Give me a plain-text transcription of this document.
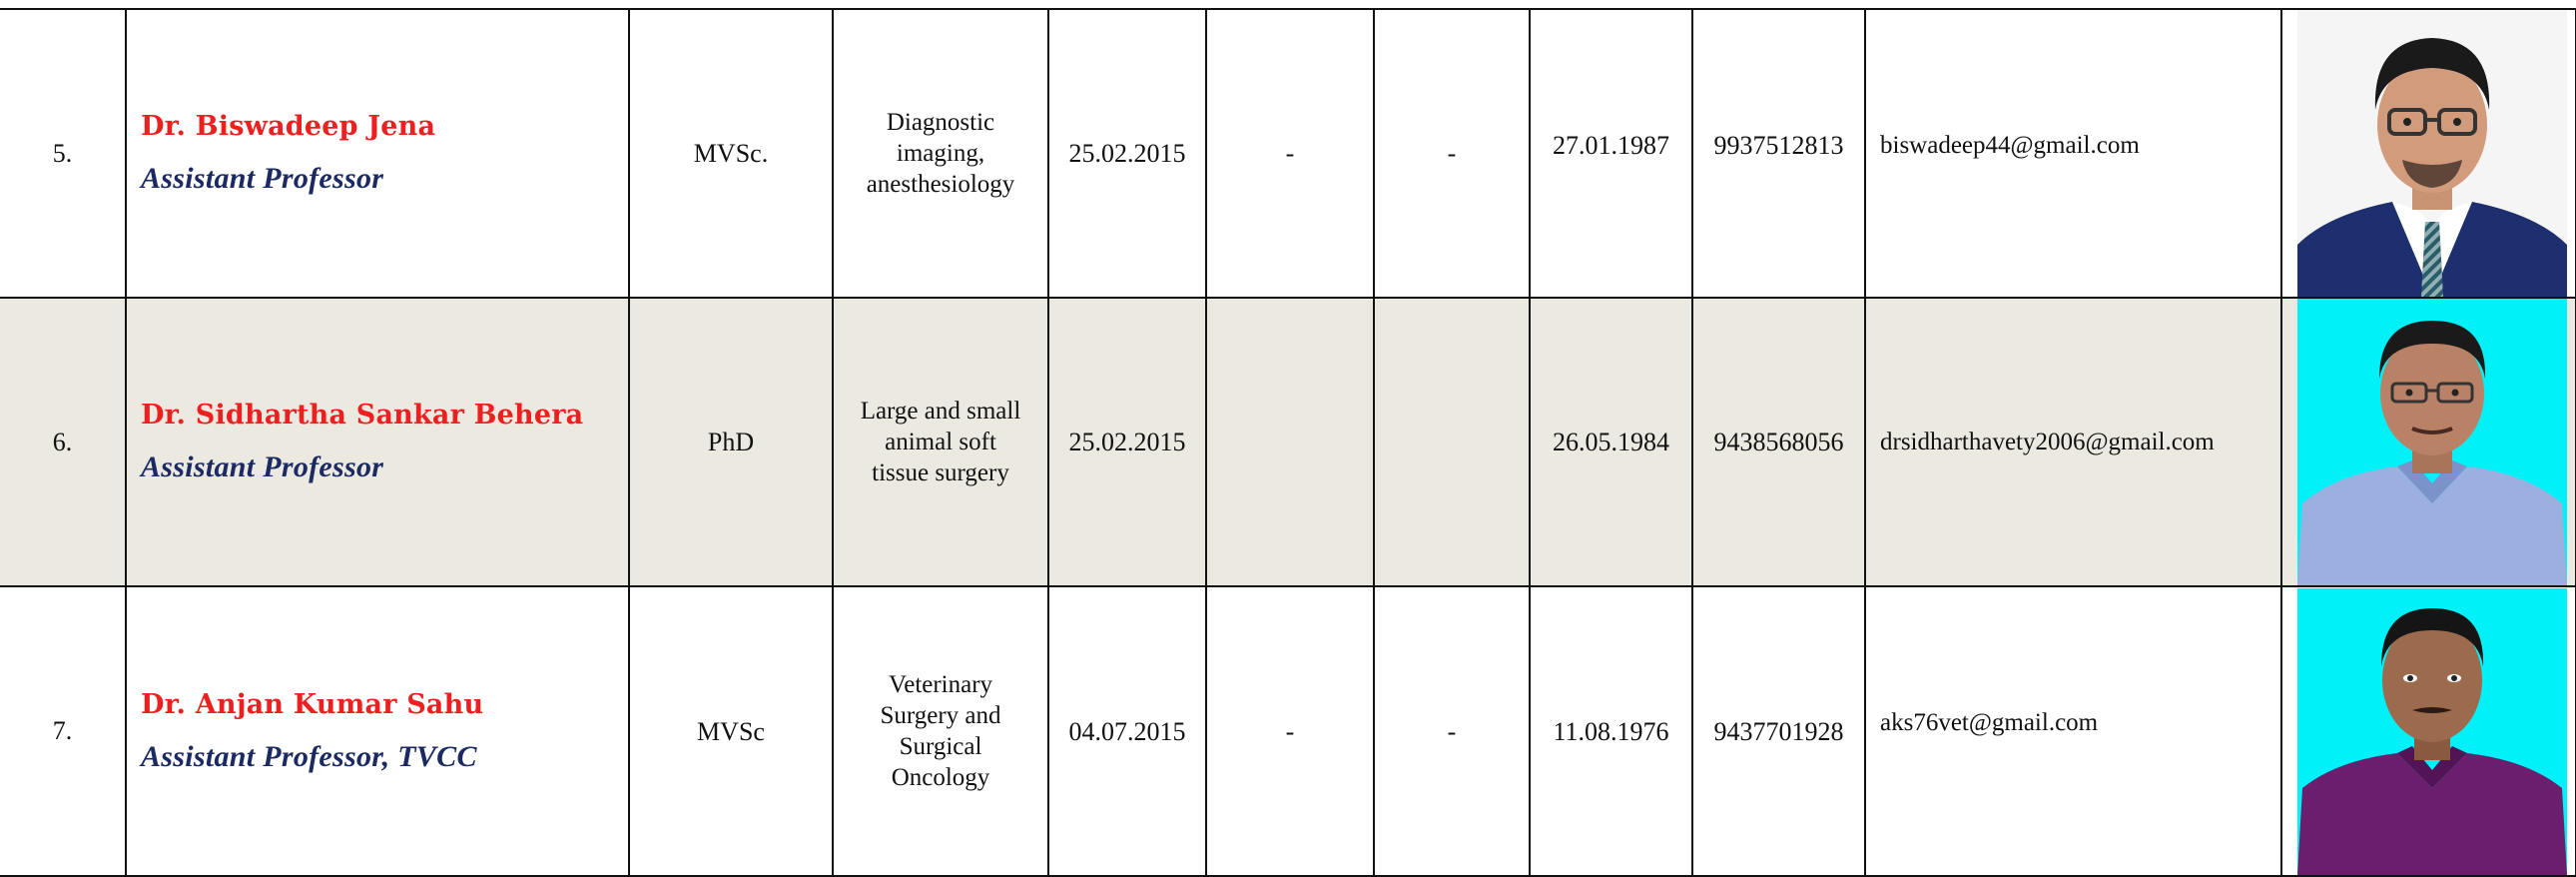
5.	Dr. Biswadeep Jena
Assistant Professor	MVSc.	Diagnostic
imaging,
anesthesiology	25.02.2015	-	-	27.01.1987	9937512813	biswadeep44@gmail.com	

6.	Dr. Sidhartha Sankar Behera
Assistant Professor	PhD	Large and small
animal soft
tissue surgery	25.02.2015			26.05.1984	9438568056	drsidharthavety2006@gmail.com	

7.	Dr. Anjan Kumar Sahu
Assistant Professor, TVCC	MVSc	Veterinary
Surgery and
Surgical
Oncology	04.07.2015	-	-	11.08.1976	9437701928	aks76vet@gmail.com	
